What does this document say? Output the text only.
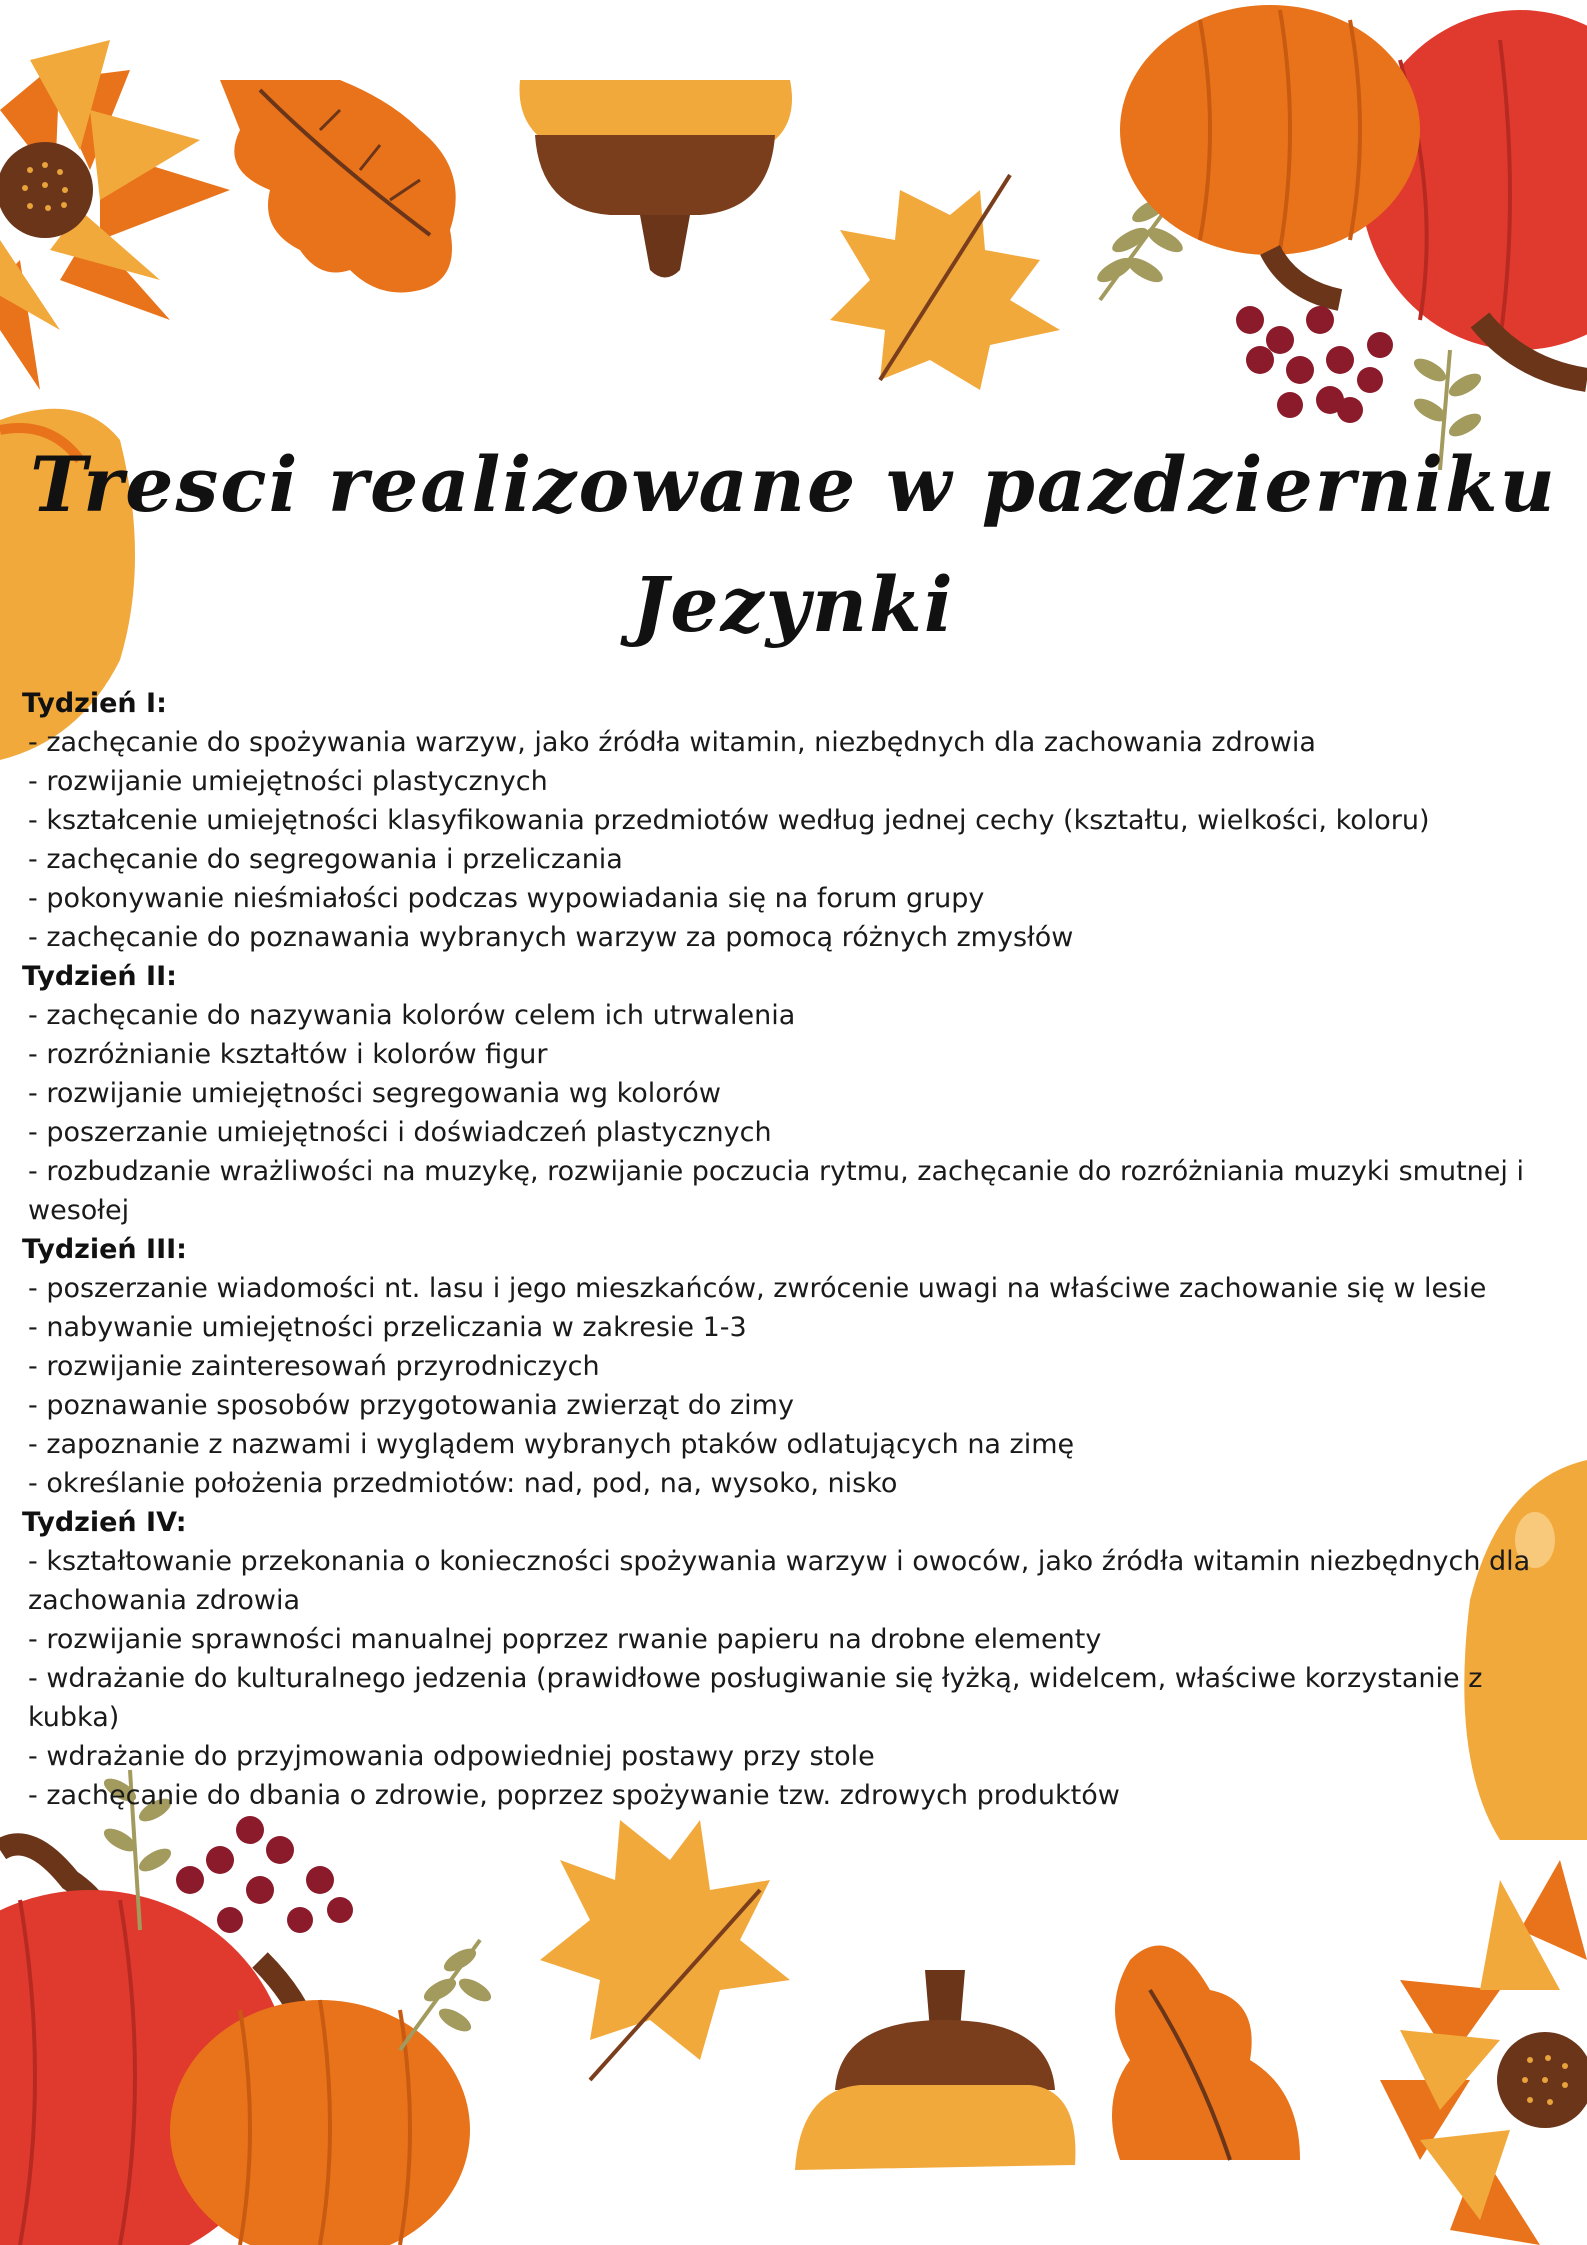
Tresci realizowane w pazdzierniku
Jezynki
Tydzień I:
- zachęcanie do spożywania warzyw, jako źródła witamin, niezbędnych dla zachowania zdrowia
- rozwijanie umiejętności plastycznych
- kształcenie umiejętności klasyfikowania przedmiotów według jednej cechy (kształtu, wielkości, koloru)
- zachęcanie do segregowania i przeliczania
- pokonywanie nieśmiałości podczas wypowiadania się na forum grupy
- zachęcanie do poznawania wybranych warzyw za pomocą różnych zmysłów
Tydzień II:
- zachęcanie do nazywania kolorów celem ich utrwalenia
- rozróżnianie kształtów i kolorów figur
- rozwijanie umiejętności segregowania wg kolorów
- poszerzanie umiejętności i doświadczeń plastycznych
- rozbudzanie wrażliwości na muzykę, rozwijanie poczucia rytmu, zachęcanie do rozróżniania muzyki smutnej i wesołej
Tydzień III:
- poszerzanie wiadomości nt. lasu i jego mieszkańców, zwrócenie uwagi na właściwe zachowanie się w lesie
- nabywanie umiejętności przeliczania w zakresie 1-3
- rozwijanie zainteresowań przyrodniczych
- poznawanie sposobów przygotowania zwierząt do zimy
- zapoznanie z nazwami i wyglądem wybranych ptaków odlatujących na zimę
- określanie położenia przedmiotów: nad, pod, na, wysoko, nisko
Tydzień IV:
- kształtowanie przekonania o konieczności spożywania warzyw i owoców, jako źródła witamin niezbędnych dla zachowania zdrowia
- rozwijanie sprawności manualnej poprzez rwanie papieru na drobne elementy
- wdrażanie do kulturalnego jedzenia (prawidłowe posługiwanie się łyżką, widelcem, właściwe korzystanie z kubka)
- wdrażanie do przyjmowania odpowiedniej postawy przy stole
- zachęcanie do dbania o zdrowie, poprzez spożywanie tzw. zdrowych produktów
